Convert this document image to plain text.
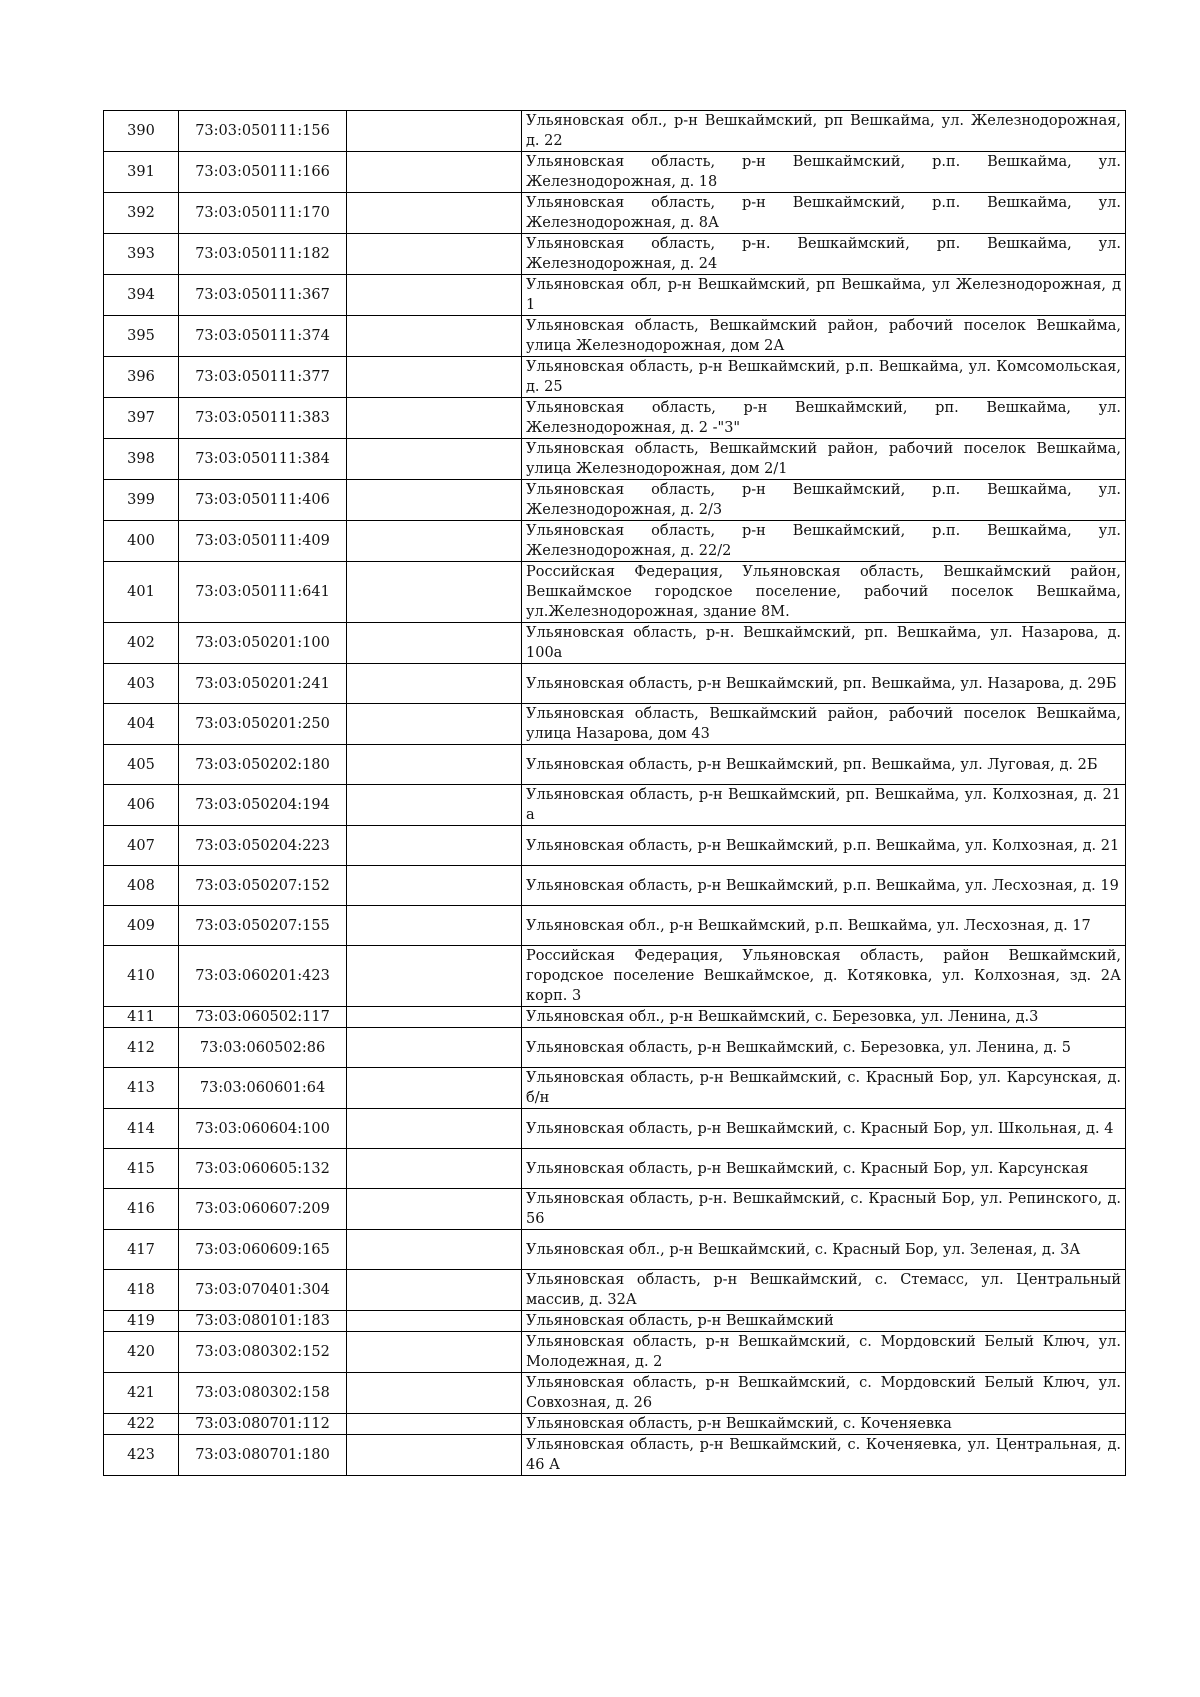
390	73:03:050111:156		Ульяновская обл., р-н Вешкаймский, рп Вешкайма, ул. Железнодорожная, д. 22
391	73:03:050111:166		Ульяновская область, р-н Вешкаймский, р.п. Вешкайма, ул. Железнодорожная, д. 18
392	73:03:050111:170		Ульяновская область, р-н Вешкаймский, р.п. Вешкайма, ул. Железнодорожная, д. 8А
393	73:03:050111:182		Ульяновская область, р-н. Вешкаймский, рп. Вешкайма, ул. Железнодорожная, д. 24
394	73:03:050111:367		Ульяновская обл, р-н Вешкаймский, рп Вешкайма, ул Железнодорожная, д 1
395	73:03:050111:374		Ульяновская область, Вешкаймский район, рабочий поселок Вешкайма, улица Железнодорожная, дом 2А
396	73:03:050111:377		Ульяновская область, р-н Вешкаймский, р.п. Вешкайма, ул. Комсомольская, д. 25
397	73:03:050111:383		Ульяновская область, р-н Вешкаймский, рп. Вешкайма, ул. Железнодорожная, д. 2 -"3"
398	73:03:050111:384		Ульяновская область, Вешкаймский район, рабочий поселок Вешкайма, улица Железнодорожная, дом 2/1
399	73:03:050111:406		Ульяновская область, р-н Вешкаймский, р.п. Вешкайма, ул. Железнодорожная, д. 2/3
400	73:03:050111:409		Ульяновская область, р-н Вешкаймский, р.п. Вешкайма, ул. Железнодорожная, д. 22/2
401	73:03:050111:641		Российская Федерация, Ульяновская область, Вешкаймский район, Вешкаймское городское поселение, рабочий поселок Вешкайма, ул.Железнодорожная, здание 8М.
402	73:03:050201:100		Ульяновская область, р-н. Вешкаймский, рп. Вешкайма, ул. Назарова, д. 100а
403	73:03:050201:241		Ульяновская область, р-н Вешкаймский, рп. Вешкайма, ул. Назарова, д. 29Б
404	73:03:050201:250		Ульяновская область, Вешкаймский район, рабочий поселок Вешкайма, улица Назарова, дом 43
405	73:03:050202:180		Ульяновская область, р-н Вешкаймский, рп. Вешкайма, ул. Луговая, д. 2Б
406	73:03:050204:194		Ульяновская область, р-н Вешкаймский, рп. Вешкайма, ул. Колхозная, д. 21 а
407	73:03:050204:223		Ульяновская область, р-н Вешкаймский, р.п. Вешкайма, ул. Колхозная, д. 21
408	73:03:050207:152		Ульяновская область, р-н Вешкаймский, р.п. Вешкайма, ул. Лесхозная, д. 19
409	73:03:050207:155		Ульяновская обл., р-н Вешкаймский, р.п. Вешкайма, ул. Лесхозная, д. 17
410	73:03:060201:423		Российская Федерация, Ульяновская область, район Вешкаймский, городское поселение Вешкаймское, д. Котяковка, ул. Колхозная, зд. 2А корп. 3
411	73:03:060502:117		Ульяновская обл., р-н Вешкаймский, с. Березовка, ул. Ленина, д.3
412	73:03:060502:86		Ульяновская область, р-н Вешкаймский, с. Березовка, ул. Ленина, д. 5
413	73:03:060601:64		Ульяновская область, р-н Вешкаймский, с. Красный Бор, ул. Карсунская, д. б/н
414	73:03:060604:100		Ульяновская область, р-н Вешкаймский, с. Красный Бор, ул. Школьная, д. 4
415	73:03:060605:132		Ульяновская область, р-н Вешкаймский, с. Красный Бор, ул. Карсунская
416	73:03:060607:209		Ульяновская область, р-н. Вешкаймский, с. Красный Бор, ул. Репинского, д. 56
417	73:03:060609:165		Ульяновская обл., р-н Вешкаймский, с. Красный Бор, ул. Зеленая, д. 3А
418	73:03:070401:304		Ульяновская область, р-н Вешкаймский, с. Стемасс, ул. Центральный массив, д. 32А
419	73:03:080101:183		Ульяновская область, р-н Вешкаймский
420	73:03:080302:152		Ульяновская область, р-н Вешкаймский, с. Мордовский Белый Ключ, ул. Молодежная, д. 2
421	73:03:080302:158		Ульяновская область, р-н Вешкаймский, с. Мордовский Белый Ключ, ул. Совхозная, д. 26
422	73:03:080701:112		Ульяновская область, р-н Вешкаймский, с. Коченяевка
423	73:03:080701:180		Ульяновская область, р-н Вешкаймский, с. Коченяевка, ул. Центральная, д. 46 А
